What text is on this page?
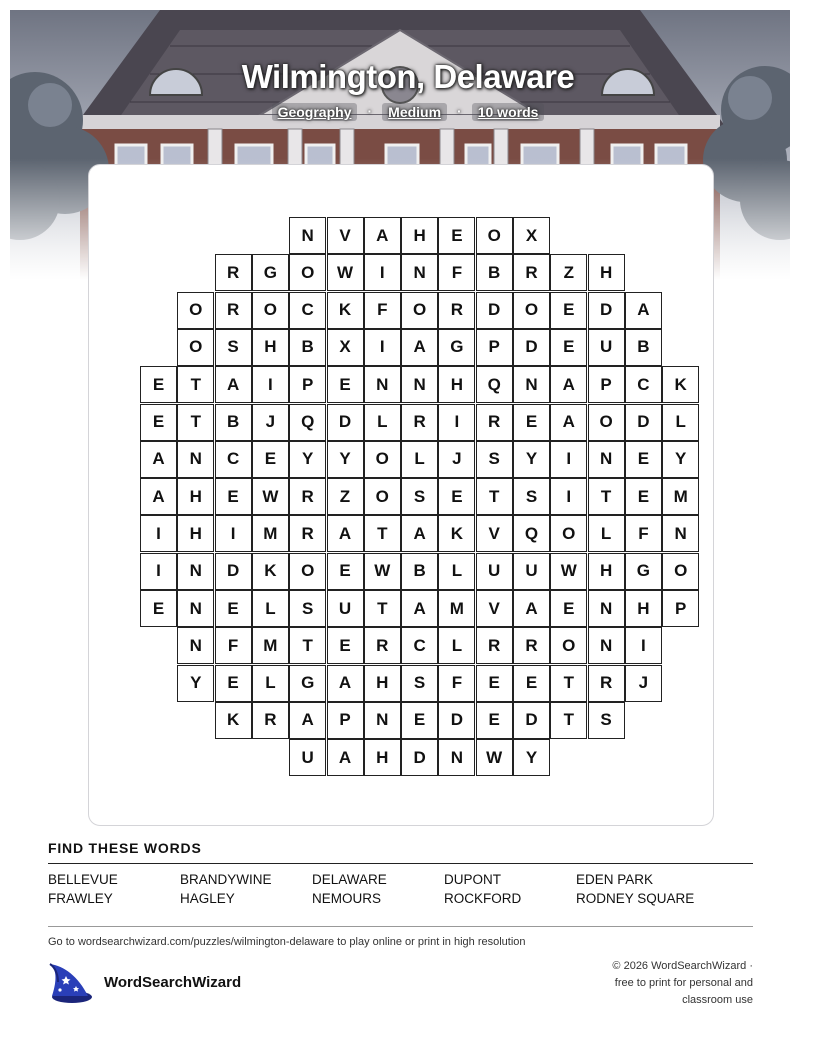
Wilmington, Delaware
Geography	·	Medium	·	10 words
N	V	A	H	E	O	X
R	G	O	W	I	N	F	B	R	Z	H
O	R	O	C	K	F	O	R	D	O	E	D	A
O	S	H	B	X	I	A	G	P	D	E	U	B
E	T	A	I	P	E	N	N	H	Q	N	A	P	C	K
E	T	B	J	Q	D	L	R	I	R	E	A	O	D	L
A	N	C	E	Y	Y	O	L	J	S	Y	I	N	E	Y
A	H	E	W	R	Z	O	S	E	T	S	I	T	E	M
I	H	I	M	R	A	T	A	K	V	Q	O	L	F	N
I	N	D	K	O	E	W	B	L	U	U	W	H	G	O
E	N	E	L	S	U	T	A	M	V	A	E	N	H	P
N	F	M	T	E	R	C	L	R	R	O	N	I
Y	E	L	G	A	H	S	F	E	E	T	R	J
K	R	A	P	N	E	D	E	D	T	S
U	A	H	D	N	W	Y
FIND THESE WORDS
BELLEVUE	BRANDYWINE	DELAWARE	DUPONT	EDEN PARK
FRAWLEY	HAGLEY	NEMOURS	ROCKFORD	RODNEY SQUARE
Go to wordsearchwizard.com/puzzles/wilmington-delaware to play online or print in high resolution
WordSearchWizard
© 2026 WordSearchWizard ·
free to print for personal and
classroom use
